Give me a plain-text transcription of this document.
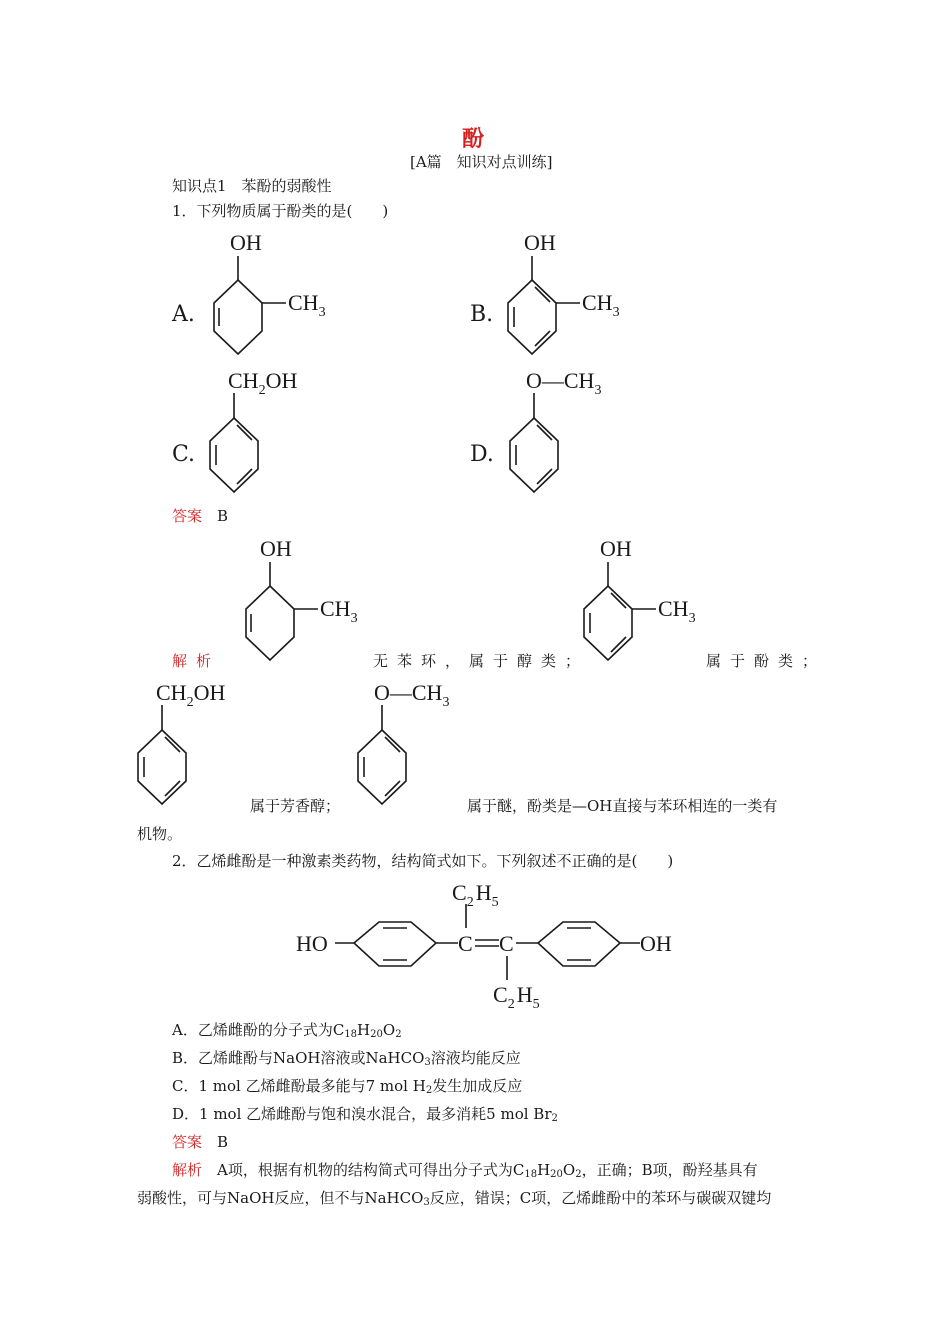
酚
[A篇　知识对点训练]
知识点1　苯酚的弱酸性
1．下列物质属于酚类的是(　　)
A.
OH
$CH_3$	B.
OH
$CH_3$
C.
$CH_2OH$
D.
$O—CH_3$
答案　 B
OH
$CH_3$
解析	无苯环，属于醇类；
OH
$CH_3$
属于酚类；
$CH_2OH$
属于芳香醇；
$O—CH_3$
属于醚，酚类是—OH直接与苯环相连的一类有
机物。
2．乙烯雌酚是一种激素类药物，结构简式如下。下列叙述不正确的是(　　)
HO	C C
$C_2H_5$
$C_2H_5$
OH
A．乙烯雌酚的分子式为$C_{18}H_{20}O_2$
B．乙烯雌酚与NaOH溶液或NaHCO$_3$溶液均能反应
C．1 mol 乙烯雌酚最多能与7 mol $H_2$发生加成反应
D．1 mol 乙烯雌酚与饱和溴水混合，最多消耗5 mol $Br_2$
答案　 B
解析　 A项，根据有机物的结构简式可得出分子式为$C_{18}H_{20}O_2$，正确；B项，酚羟基具有
弱酸性，可与NaOH反应，但不与NaHCO$_3$反应，错误；C项，乙烯雌酚中的苯环与碳碳双键均
